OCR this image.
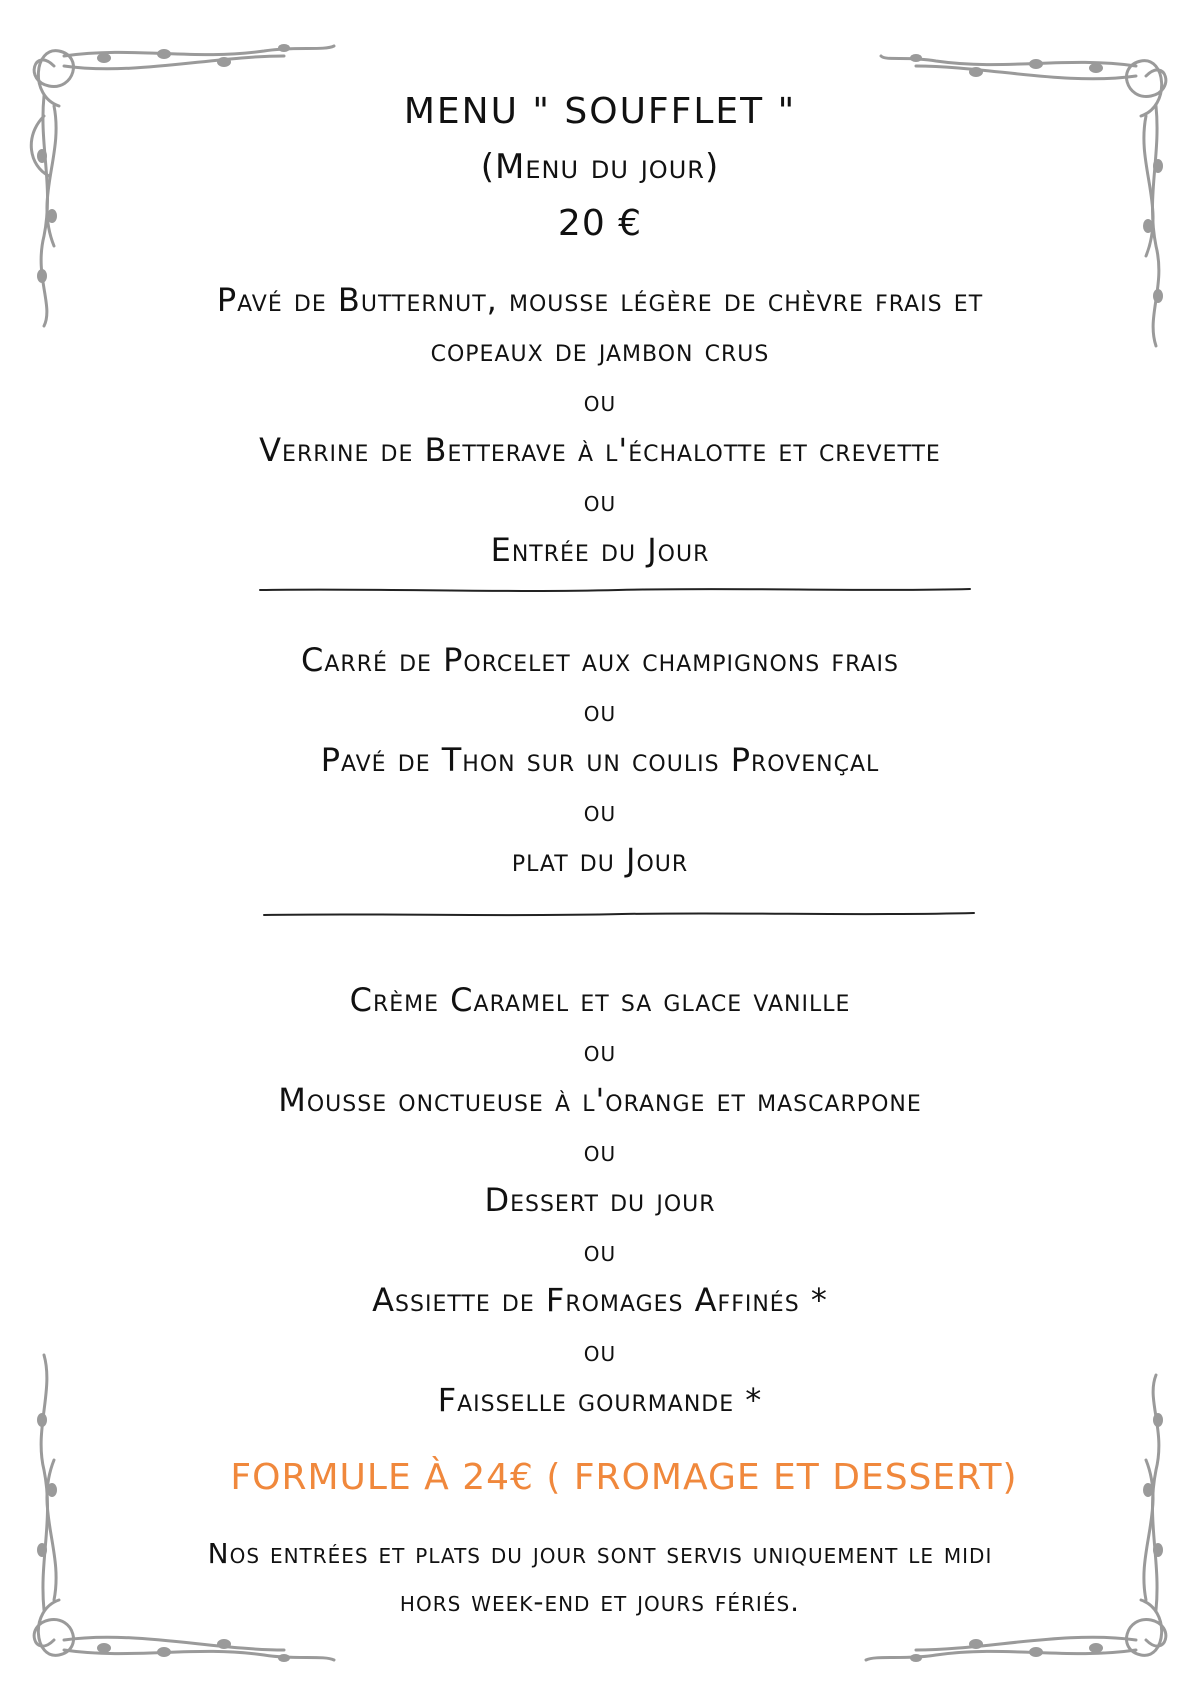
MENU " SOUFFLET "
(Menu du jour)
20 €
Pavé de Butternut, mousse légère de chèvre frais et
copeaux de jambon crus
ou
Verrine de Betterave à l'échalotte et crevette
ou
Entrée du Jour
Carré de Porcelet aux champignons frais
ou
Pavé de Thon sur un coulis Provençal
ou
plat du Jour
Crème Caramel et sa glace vanille
ou
Mousse onctueuse à l'orange et mascarpone
ou
Dessert du jour
ou
Assiette de Fromages Affinés *
ou
Faisselle gourmande *
FORMULE À 24€ ( FROMAGE ET DESSERT)
Nos entrées et plats du jour sont servis uniquement le midi
hors week-end et jours fériés.
